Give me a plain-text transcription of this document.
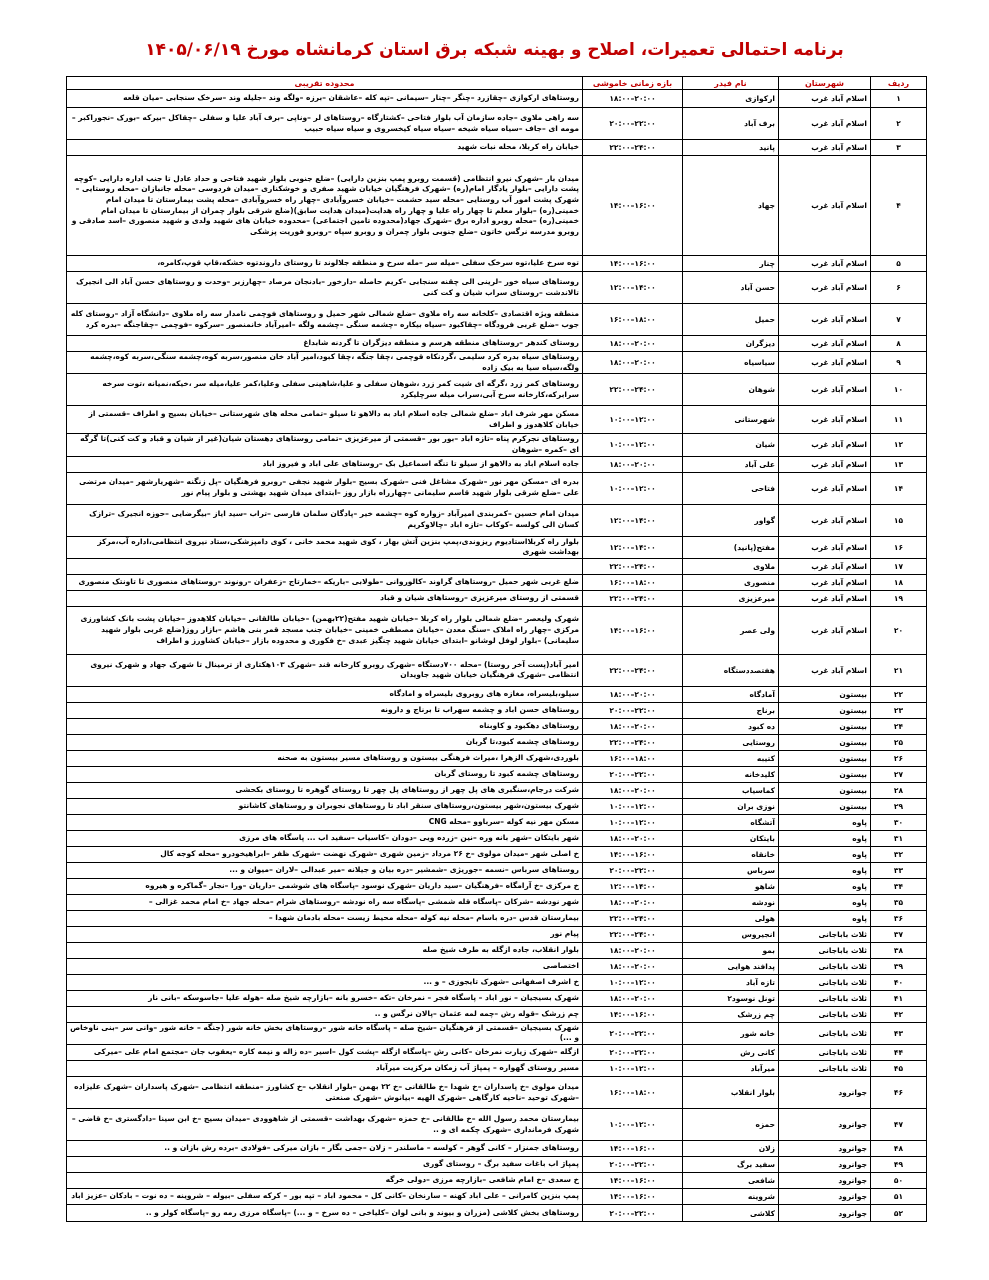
برنامه احتمالی تعمیرات، اصلاح و بهینه شبکه برق استان کرمانشاه مورخ ۱۴۰۵/۰۶/۱۹
ردیف	شهرستان	نام فیدر	بازه زمانی خاموشی	محدوده تقریبی
۱	اسلام آباد غرب	ارکوازی	۱۸:۰۰–۲۰:۰۰	روستاهای ارکوازی –چقازرد –چنگر –چنار –سیمانی –تپه کله –عاشقان –برزه –ولگه وند –جلیله وند –سرخک سنجابی –میان قلعه
۲	اسلام آباد غرب	برف آباد	۲۰:۰۰–۲۲:۰۰	سه راهی ملاوی –جاده سازمان آب بلوار فتاحی –کشتارگاه –روستاهای لر –وناپی –برف آباد علیا و سفلی –چقاکل –بیرکه –بورک –نجوراکبر –مومه ای –جاف –سیاه سیاه شیخه –سیاه سیاه کیخسروی و سیاه سیاه حبیب
۳	اسلام آباد غرب	پانید	۲۲:۰۰–۲۴:۰۰	خیابان راه کربلا، محله نبات شهید
۴	اسلام آباد غرب	جهاد	۱۴:۰۰–۱۶:۰۰	میدان بار –شهرک نیرو انتظامی (قسمت روبرو پمپ بنزین دارایی) –ضلع جنوبی بلوار شهید فتاحی و حداد عادل تا جنب اداره دارایی –کوچه پشت دارایی –بلوار یادگار امام(ره) –شهرک فرهنگیان خیابان شهید صفری و خوشکناری –میدان فردوسی –محله جانبازان –محله روستایی –شهرک پشت امور آب روستایی –محله سید حشمت –خیابان خسروآبادی –چهار راه خسروآبادی –محله پشت بیمارستان تا میدان امام خمینی(ره) –بلوار معلم تا چهار راه علیا و چهار راه هدایت(میدان هدایت سابق)(ضلع شرقی بلوار چمران از بیمارستان تا میدان امام خمینی(ره) –محله روبرو اداره برق –شهرک جهاد(محدوده تامین اجتماعی) –محدوده خیابان های شهید ولدی و شهید منصوری –اسد صادقی و روبرو مدرسه نرگس خاتون –ضلع جنوبی بلوار چمران و روبرو سپاه –روبرو فوریت پزشکی
۵	اسلام آباد غرب	چنار	۱۴:۰۰–۱۶:۰۰	توه سرخ علیا،توه سرخک سفلی –میله سر –مله سرخ و منطقه جلالوند تا روستای داروندتوه خشکه،قاپ قوپ،کامره،
۶	اسلام آباد غرب	حسن آباد	۱۲:۰۰–۱۴:۰۰	روستاهای سیاه خور –لرینی الی چقنه سنجابی –کریم حاصله –دارخور –بادنجان مرصاد –چهارزبر –وحدت و روستاهای حسن آباد الی انجیرک تالاندشت –روستای سراب شیان و کت کنی
۷	اسلام آباد غرب	حمیل	۱۶:۰۰–۱۸:۰۰	منطقه ویژه اقتصادی –کلخانه سه راه ملاوی –ضلع شمالی شهر حمیل و روستاهای فوچمی نامدار سه راه ملاوی –دانشگاه آزاد –روستای کله جوب –ضلع غربی فرودگاه –چقاکبود –سیاه بیکاره –چشمه سنگی –چشمه ولگه –امیرآباد خانمنصور –سرکوه –فوچمی –چقاجنگه –بدره کرد
۸	اسلام آباد غرب	دیزگران	۱۸:۰۰–۲۰:۰۰	روستای کندهر –روستاهای منطقه هرسم و منطقه دیزگران تا گردنه شابداغ
۹	اسلام آباد غرب	سیاسیاه	۱۸:۰۰–۲۰:۰۰	روستاهای سیاه بدره کرد سلیمی ،گردنکاه قوچمی ،چقا جنگه ،چقا کبود،امیر آباد خان منصور،سربه کوه،چشمه سنگی،سربه کوه،چشمه ولگه،سیاه سیا به بیک زاده
۱۰	اسلام آباد غرب	شوهان	۲۲:۰۰–۲۴:۰۰	روستاهای کمر زرد ،گرگه ای شیت کمر زرد ،شوهان سفلی و علیا،شاهینی سفلی وعلیا،کمر علیا،میله سر ،خیکه،نمیانه ،توت سرخه سرابرکه،کارخانه سرخ آبی،سراب میله سرچلیکرد
۱۱	اسلام آباد غرب	شهرستانی	۱۰:۰۰–۱۲:۰۰	مسکن مهر شرف اباد –ضلع شمالی جاده اسلام اباد به دالاهو تا سیلو –تمامی محله های شهرستانی –خیابان بسیج و اطراف –قسمتی از خیابان کلاهدوز و اطراف
۱۲	اسلام آباد غرب	شیان	۱۰:۰۰–۱۲:۰۰	روستاهای نجرکرم پناه –تازه اباد –بور بور –قسمتی از میرعزیزی –تمامی روستاهای دهستان شیان(غیر از شیان و قباد و کت کنی)تا گرگه ای –کمره –شوهان
۱۳	اسلام آباد غرب	علی آباد	۱۸:۰۰–۲۰:۰۰	جاده اسلام اباد به دالاهو از سیلو تا تنگه اسماعیل بک –روستاهای علی اباد و فیروز اباد
۱۴	اسلام آباد غرب	فتاحی	۱۰:۰۰–۱۲:۰۰	بدره ای –مسکن مهر نور –شهرک مشاغل فنی –شهرک بسیج –بلوار شهید نجفی –روبرو فرهنگیان –پل زنگنه –شهریارشهر –میدان مرتضی علی –ضلع شرقی بلوار شهید قاسم سلیمانی –چهارراه بازار روز –ابتدای میدان شهید بهشتی و بلوار پیام نور
۱۵	اسلام آباد غرب	گواور	۱۲:۰۰–۱۴:۰۰	میدان امام حسین –کمربندی امیرآباد –زواره کوه –چشمه خیر –پادگان سلمان فارسی –تراب –سید ایاز –بیگرضایی –حوزه انجیرک –ترازک کسان الی کولسه –کوکاب –تازه اباد –چالاوکریم
۱۶	اسلام آباد غرب	مفتح(پانید)	۱۲:۰۰–۱۴:۰۰	بلوار راه کربلااستادیوم ریزوندی،پمپ بنزین آتش بهار ، کوی شهید محمد خانی ، کوی دامپزشکی،ستاد نیروی انتظامی،اداره آب،مرکز بهداشت شهری
۱۷	اسلام آباد غرب	ملاوی	۲۲:۰۰–۲۴:۰۰	
۱۸	اسلام آباد غرب	منصوری	۱۶:۰۰–۱۸:۰۰	ضلع غربی شهر حمیل –روستاهای گراوند –کالوروانی –طولابی –باریکه –خمارتاج –زعفران –رونوند –روستاهای منصوری تا تاونتک منصوری
۱۹	اسلام آباد غرب	میرعزیزی	۲۲:۰۰–۲۴:۰۰	قسمتی از روستای میرعزیزی –روستاهای شیان و قباد
۲۰	اسلام آباد غرب	ولی عصر	۱۴:۰۰–۱۶:۰۰	شهرک ولیعصر –ضلع شمالی بلوار راه کربلا –خیابان شهید مفتح(۲۲بهمن) –خیابان طالقانی –خیابان کلاهدوز –خیابان پشت بانک کشاورزی مرکزی –چهار راه املاک –سنگ معدن –خیابان مصطفی خمینی –خیابان جنب مسجد قمر بنی هاشم –بازار روز(ضلع غربی بلوار شهید سلیمانی) –بلوار لوفل لوشانو –ابتدای خیابان شهید چنگیز عبدی –خ فکوری و محدوده بازار –خیابان کشاورز و اطراف
۲۱	اسلام آباد غرب	هفتصددستگاه	۲۲:۰۰–۲۴:۰۰	امیر آباد(پست آخر روستا) –محله ۷۰۰دستگاه –شهرک روبرو کارخانه قند –شهرک ۱۰۳هکتاری از ترمینال تا شهرک جهاد و شهرک نیروی انتظامی –شهرک فرهنگیان خیابان شهید جاویدان
۲۲	بیستون	آمادگاه	۱۸:۰۰–۲۰:۰۰	سیلو،بلیسراه، مغازه های روبروی بلیسراه و امادگاه
۲۳	بیستون	برناج	۲۰:۰۰–۲۲:۰۰	روستاهای حسن اباد و چشمه سهراب تا برناج و دارونه
۲۴	بیستون	ده کبود	۱۸:۰۰–۲۰:۰۰	روستاهای دهکبود و کاوبناه
۲۵	بیستون	روستایی	۲۲:۰۰–۲۴:۰۰	روستاهای چشمه کبود،تا گربان
۲۶	بیستون	کتیبه	۱۶:۰۰–۱۸:۰۰	بلوردی،شهرک الزهرا ،میراث فرهنگی بیستون و روستاهای مسیر بیستون به صحنه
۲۷	بیستون	کلیدخانه	۲۰:۰۰–۲۲:۰۰	روستاهای چشمه کبود تا روستای گربان
۲۸	بیستون	کماسیاب	۱۸:۰۰–۲۰:۰۰	شرکت درجام،سنگبری های پل چهر از روستاهای پل چهر تا روستای گوهره تا روستای بکحشی
۲۹	بیستون	نوزی بران	۱۰:۰۰–۱۲:۰۰	شهرک بیستون،شهر بیستون،روستاهای سنقر اباد تا روستاهای نجوبران و روستاهای کاشانتو
۳۰	پاوه	آتشگاه	۱۰:۰۰–۱۲:۰۰	مسکن مهر نیه کوله –سرباوو –محله CNG
۳۱	پاوه	بایتکان	۱۸:۰۰–۲۰:۰۰	شهر بایتکان –شهر بانه وره –نین –زرده ویی –دودان –کاسیاب –سفید اب ... پاسگاه های مرزی
۳۲	پاوه	خانقاه	۱۴:۰۰–۱۶:۰۰	خ اصلی شهر –میدان مولوی –خ ۲۶ مرداد –زمین شهری –شهرک نهضت –شهرک ظفر –ابراهیخودرو –محله کوجه کال
۳۳	پاوه	سرباس	۲۰:۰۰–۲۲:۰۰	روستاهای سرباس –نسمه –جوریژی –شمشیر –دره بیان و جیلانه –میر عبدالی –لاران –میوان و ...
۳۴	پاوه	شاهو	۱۲:۰۰–۱۴:۰۰	خ مرکزی –خ آرامگاه –فرهنگیان –سید داریان –شهرک نوسود –پاسگاه های شوشمی –داریان –ورا –نجار –گماکره و هیروه
۳۵	پاوه	نودشه	۱۸:۰۰–۲۰:۰۰	شهر نودشه –شرکان –پاسگاه قله شمشی –پاسگاه سه راه نودشه –روستاهای شرام –محله جهاد –خ امام محمد غزالی –
۳۶	پاوه	هولی	۲۲:۰۰–۲۴:۰۰	بیمارستان قدس –دره باسام –محله نیه کوله –محله محیط زیست –محله بادمان شهدا –
۳۷	ثلاث باباجانی	انجیروس	۲۲:۰۰–۲۴:۰۰	پیام نور
۳۸	ثلاث باباجانی	بمو	۱۸:۰۰–۲۰:۰۰	بلوار انقلاب، جاده ازگله به طرف شیخ صله
۳۹	ثلاث باباجانی	پدافند هوایی	۱۸:۰۰–۲۰:۰۰	اختصاصی
۴۰	ثلاث باباجانی	تازه آباد	۱۰:۰۰–۱۲:۰۰	خ اشرف اصفهانی –شهرک تایجوزی – و ...
۴۱	ثلاث باباجانی	تونل نوسود۲	۱۸:۰۰–۲۰:۰۰	شهرک بسیجیان – نور اباد – پاسگاه فجر – نمرخان –تکه –خسرو بانه –بازارچه شیخ صله –هوله علیا –جاسوسکه –بانی نار
۴۲	ثلاث باباجانی	چم زرشک	۱۴:۰۰–۱۶:۰۰	چم زرشک –قوله رش –چمه لمه عثمان –پالان نرگس و ..
۴۳	ثلاث باباجانی	خانه شور	۲۰:۰۰–۲۲:۰۰	شهرک بسیجیان –قسمتی از فرهنگیان –شیخ صله – پاسگاه خانه شور –روستاهای بخش خانه شور (جنگه – خانه شور –وانی سر –بنی ناوخاص و ...)
۴۴	ثلاث باباجانی	کانی رش	۲۰:۰۰–۲۲:۰۰	ازگله –شهرک زیارت نمرخان –کانی رش –پاسگاه ازگله –پشت کول –اسیر –ده زاله و نیمه کاره –یعقوب جان –مجتمع امام علی –میرکی
۴۵	ثلاث باباجانی	میرآباد	۱۰:۰۰–۱۲:۰۰	مسیر روستای گهواره – پمپاژ آب زمکان مرکزیت میرآباد
۴۶	جوانرود	بلوار انقلاب	۱۶:۰۰–۱۸:۰۰	میدان مولوی –خ پاسداران –خ شهدا –خ طالقانی –خ ۲۲ بهمن –بلوار انقلاب –خ کشاورز –منطقه انتظامی –شهرک پاسداران –شهرک علیزاده –شهرک توحید –ناحیه کارگاهی –شهرک الهیه –بیانوش –شهرک صنعتی
۴۷	جوانرود	حمزه	۱۰:۰۰–۱۲:۰۰	بیمارستان محمد رسول الله –خ طالقانی –خ حمزه –شهرک بهداشت –قسمتی از شاهوودی –میدان بسیج –خ ابن سینا –دادگستری –خ قاضی –شهرک فرمانداری –شهرک چکمه ای و ..
۴۸	جوانرود	زلان	۱۴:۰۰–۱۶:۰۰	روستاهای جمنزار – کانی گوهر – کولسه – ماسلندر – زلان –جمی بگار – بازان میرکی –فولادی –برده رش بازان و ..
۴۹	جوانرود	سفید برگ	۲۰:۰۰–۲۲:۰۰	پمپاژ اب باغات سفید برگ – روستای گوری
۵۰	جوانرود	شافعی	۱۴:۰۰–۱۶:۰۰	خ سعدی –خ امام شافعی –بازارچه مرزی –دولی خرگه
۵۱	جوانرود	شروینه	۱۴:۰۰–۱۶:۰۰	پمپ بنزین کامرانی – علی اباد کهنه – سارنخان –کانی کل – محمود اباد – تپه بور – کرکه سفلی –بیوله – شروینه – ده نوت – بادکان –عزیز اباد
۵۲	جوانرود	کلاشی	۲۰:۰۰–۲۲:۰۰	روستاهای بخش کلاشی (مزران و بیوند و بانی لوان –کلیاخی – ده سرخ – و ...) –پاسگاه مرزی رمه رو –پاسگاه کولر و ..
